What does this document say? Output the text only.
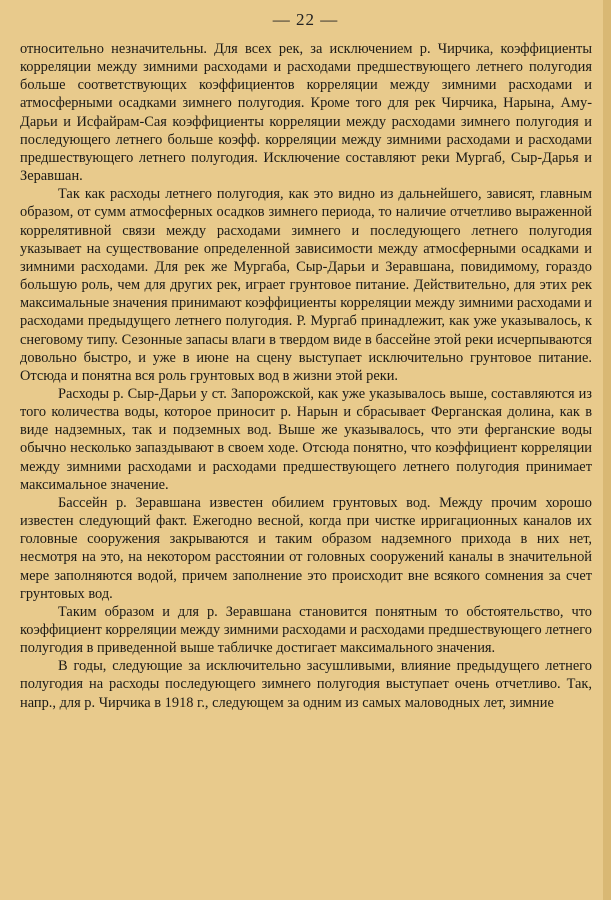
— 22 —

относительно незначительны. Для всех рек, за исключением р. Чирчика, коэффициенты корреляции между зимними расходами и расходами предшествующего летнего полугодия больше соответствующих коэффициентов корреляции между зимними расходами и атмосферными осадками зимнего полугодия. Кроме того для рек Чирчика, Нарына, Аму-Дарьи и Исфайрам-Сая коэффициенты корреляции между расходами зимнего полугодия и последующего летнего больше коэфф. корреляции между зимними расходами и расходами предшествующего летнего полугодия. Исключение составляют реки Мургаб, Сыр-Дарья и Зеравшан.

Так как расходы летнего полугодия, как это видно из дальнейшего, зависят, главным образом, от сумм атмосферных осадков зимнего периода, то наличие отчетливо выраженной коррелятивной связи между расходами зимнего и последующего летнего полугодия указывает на существование определенной зависимости между атмосферными осадками и зимними расходами. Для рек же Мургаба, Сыр-Дарьи и Зеравшана, повидимому, гораздо большую роль, чем для других рек, играет грунтовое питание. Действительно, для этих рек максимальные значения принимают коэффициенты корреляции между зимними расходами и расходами предыдущего летнего полугодия. Р. Мургаб принадлежит, как уже указывалось, к снеговому типу. Сезонные запасы влаги в твердом виде в бассейне этой реки исчерпываются довольно быстро, и уже в июне на сцену выступает исключительно грунтовое питание. Отсюда и понятна вся роль грунтовых вод в жизни этой реки.

Расходы р. Сыр-Дарьи у ст. Запорожской, как уже указывалось выше, составляются из того количества воды, которое приносит р. Нарын и сбрасывает Ферганская долина, как в виде надземных, так и подземных вод. Выше же указывалось, что эти ферганские воды обычно несколько запаздывают в своем ходе. Отсюда понятно, что коэффициент корреляции между зимними расходами и расходами предшествующего летнего полугодия принимает максимальное значение.

Бассейн р. Зеравшана известен обилием грунтовых вод. Между прочим хорошо известен следующий факт. Ежегодно весной, когда при чистке ирригационных каналов их головные сооружения закрываются и таким образом надземного прихода в них нет, несмотря на это, на некотором расстоянии от головных сооружений каналы в значительной мере заполняются водой, причем заполнение это происходит вне всякого сомнения за счет грунтовых вод.

Таким образом и для р. Зеравшана становится понятным то обстоятельство, что коэффициент корреляции между зимними расходами и расходами предшествующего летнего полугодия в приведенной выше табличке достигает максимального значения.

В годы, следующие за исключительно засушливыми, влияние предыдущего летнего полугодия на расходы последующего зимнего полугодия выступает очень отчетливо. Так, напр., для р. Чирчика в 1918 г., следующем за одним из самых маловодных лет, зимние
